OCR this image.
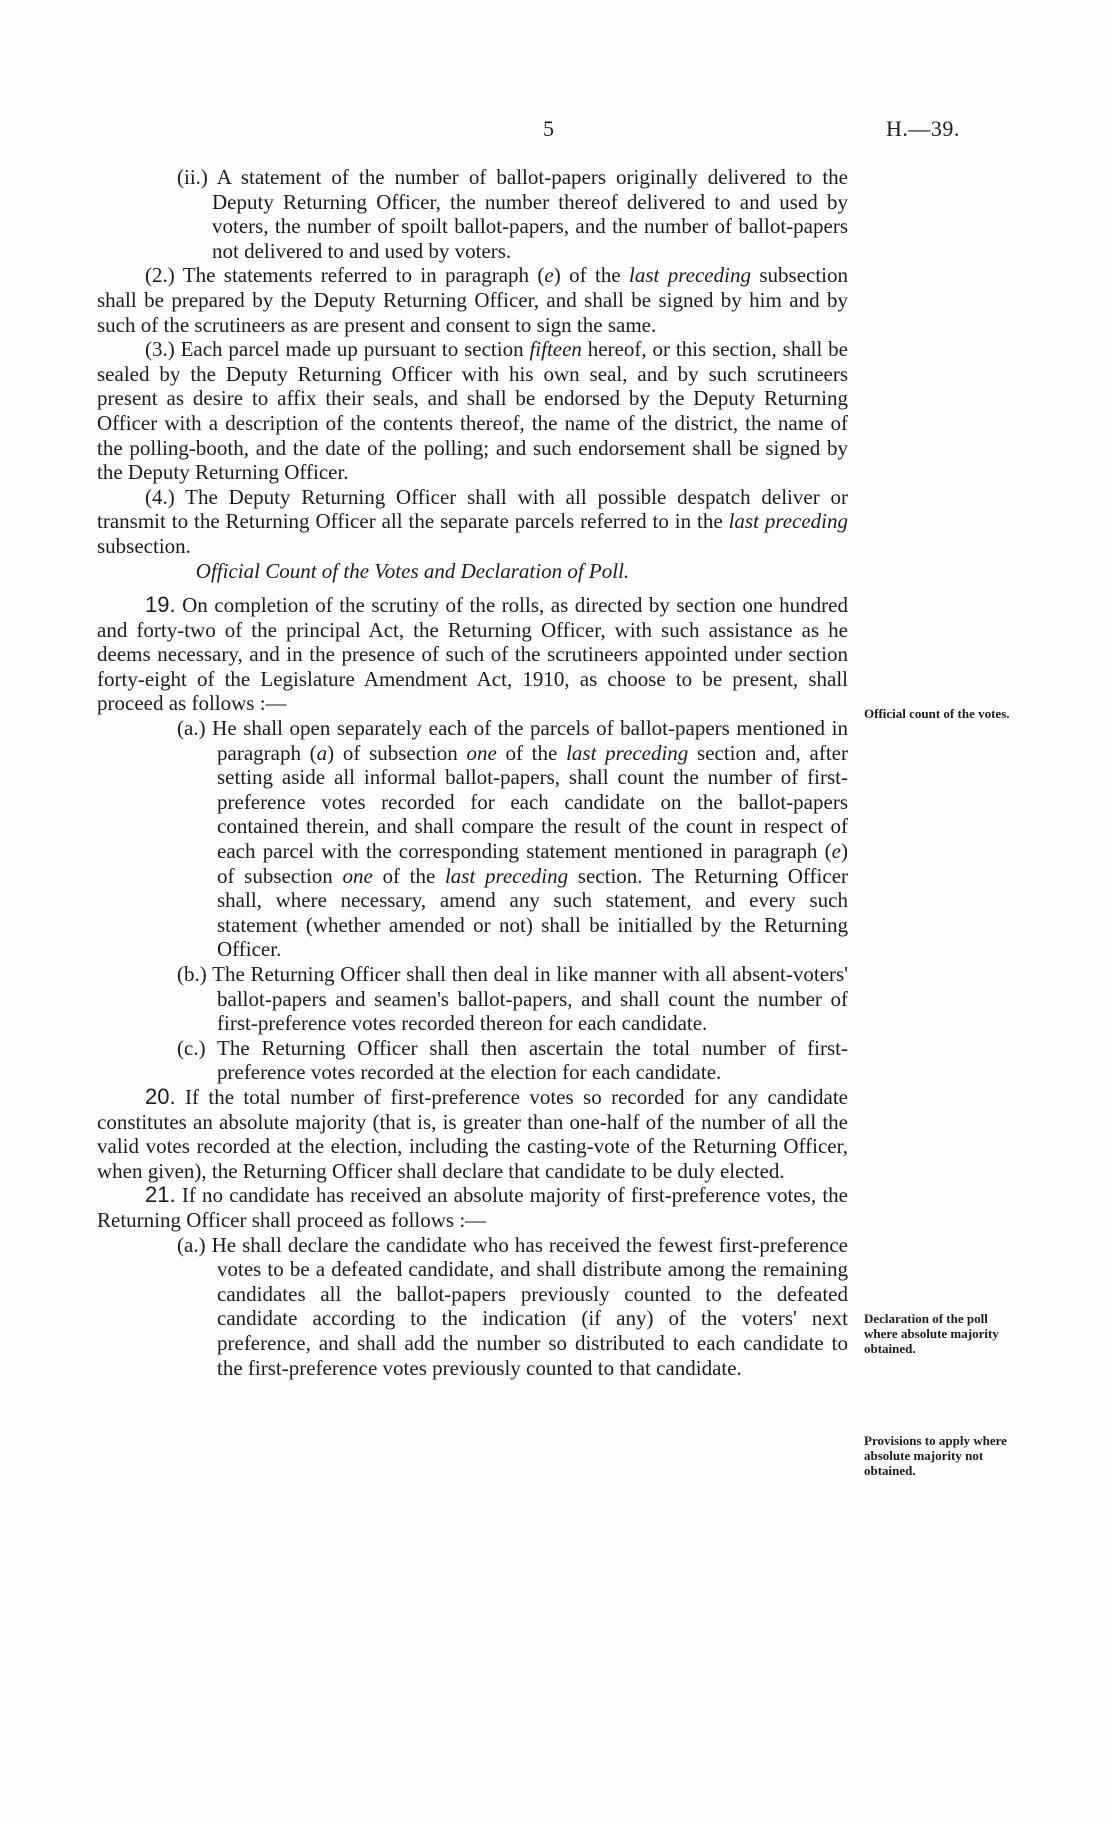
5	H.—39.

(ii.) A statement of the number of ballot-papers originally delivered to the Deputy Returning Officer, the number thereof delivered to and used by voters, the number of spoilt ballot-papers, and the number of ballot-papers not delivered to and used by voters.

(2.) The statements referred to in paragraph (e) of the last preceding subsection shall be prepared by the Deputy Returning Officer, and shall be signed by him and by such of the scrutineers as are present and consent to sign the same.

(3.) Each parcel made up pursuant to section fifteen hereof, or this section, shall be sealed by the Deputy Returning Officer with his own seal, and by such scrutineers present as desire to affix their seals, and shall be endorsed by the Deputy Returning Officer with a description of the contents thereof, the name of the district, the name of the polling-booth, and the date of the polling; and such endorsement shall be signed by the Deputy Returning Officer.

(4.) The Deputy Returning Officer shall with all possible despatch deliver or transmit to the Returning Officer all the separate parcels referred to in the last preceding subsection.

Official Count of the Votes and Declaration of Poll.

19. On completion of the scrutiny of the rolls, as directed by section one hundred and forty-two of the principal Act, the Returning Officer, with such assistance as he deems necessary, and in the presence of such of the scrutineers appointed under section forty-eight of the Legislature Amendment Act, 1910, as choose to be present, shall proceed as follows :—

(a.) He shall open separately each of the parcels of ballot-papers mentioned in paragraph (a) of subsection one of the last preceding section and, after setting aside all informal ballot-papers, shall count the number of first-preference votes recorded for each candidate on the ballot-papers contained therein, and shall compare the result of the count in respect of each parcel with the corresponding statement mentioned in paragraph (e) of subsection one of the last preceding section. The Returning Officer shall, where necessary, amend any such statement, and every such statement (whether amended or not) shall be initialled by the Returning Officer.

(b.) The Returning Officer shall then deal in like manner with all absent-voters' ballot-papers and seamen's ballot-papers, and shall count the number of first-preference votes recorded thereon for each candidate.

(c.) The Returning Officer shall then ascertain the total number of first-preference votes recorded at the election for each candidate.

20. If the total number of first-preference votes so recorded for any candidate constitutes an absolute majority (that is, is greater than one-half of the number of all the valid votes recorded at the election, including the casting-vote of the Returning Officer, when given), the Returning Officer shall declare that candidate to be duly elected.

21. If no candidate has received an absolute majority of first-preference votes, the Returning Officer shall proceed as follows :—

(a.) He shall declare the candidate who has received the fewest first-preference votes to be a defeated candidate, and shall distribute among the remaining candidates all the ballot-papers previously counted to the defeated candidate according to the indication (if any) of the voters' next preference, and shall add the number so distributed to each candidate to the first-preference votes previously counted to that candidate.

Official count of the votes.
Declaration of the poll where absolute majority obtained.
Provisions to apply where absolute majority not obtained.
